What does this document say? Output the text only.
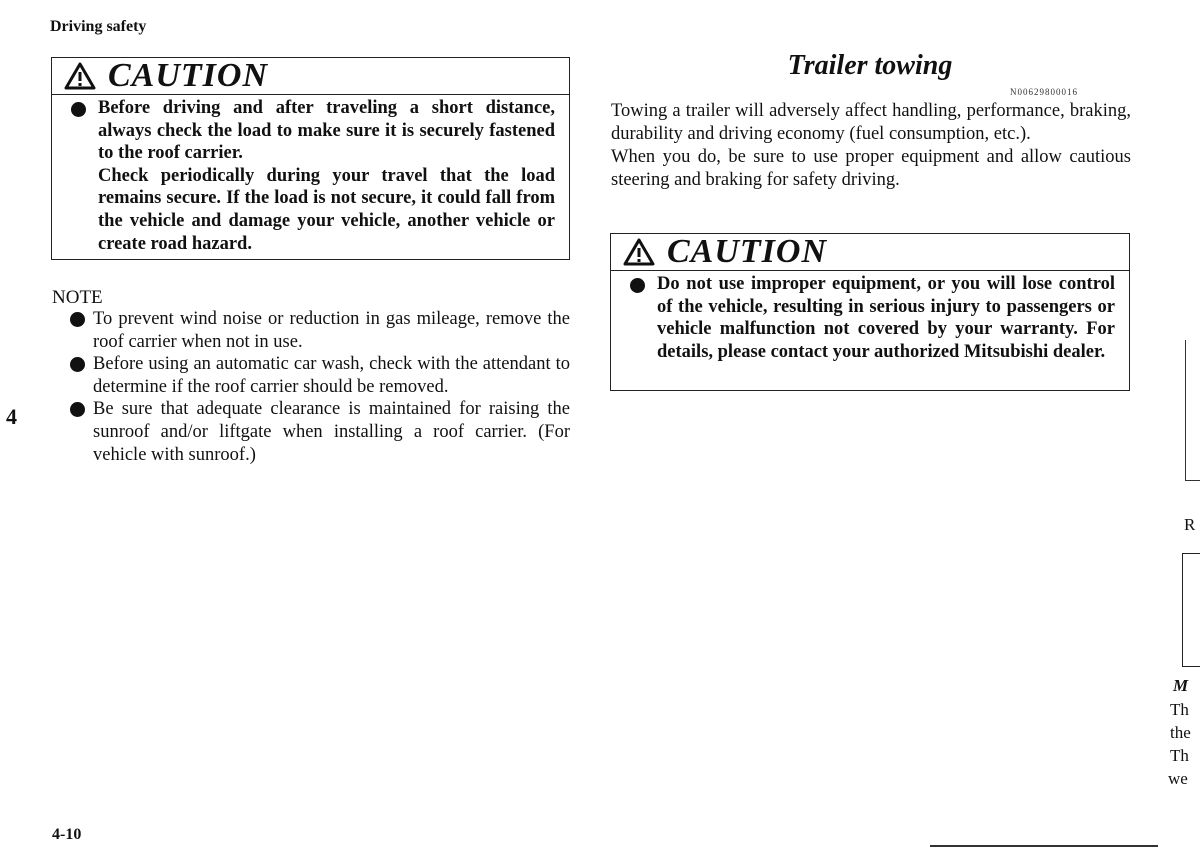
Driving safety
4
4-10
CAUTION

Before driving and after traveling a short distance, always check the load to make sure it is securely fastened to the roof carrier.

Check periodically during your travel that the load remains secure. If the load is not secure, it could fall from the vehicle and damage your vehicle, another vehicle or create road hazard.

NOTE
To prevent wind noise or reduction in gas mileage, remove the roof carrier when not in use.
Before using an automatic car wash, check with the attendant to determine if the roof carrier should be removed.
Be sure that adequate clearance is maintained for raising the sunroof and/or liftgate when installing a roof carrier. (For vehicle with sunroof.)
Trailer towing
N00629800016

Towing a trailer will adversely affect handling, performance, braking, durability and driving economy (fuel consumption, etc.).

When you do, be sure to use proper equipment and allow cautious steering and braking for safety driving.

CAUTION

Do not use improper equipment, or you will lose control of the vehicle, resulting in serious injury to passengers or vehicle malfunction not covered by your warranty. For details, please contact your authorized Mitsubishi dealer.

R
M
Th
the
Th
we
